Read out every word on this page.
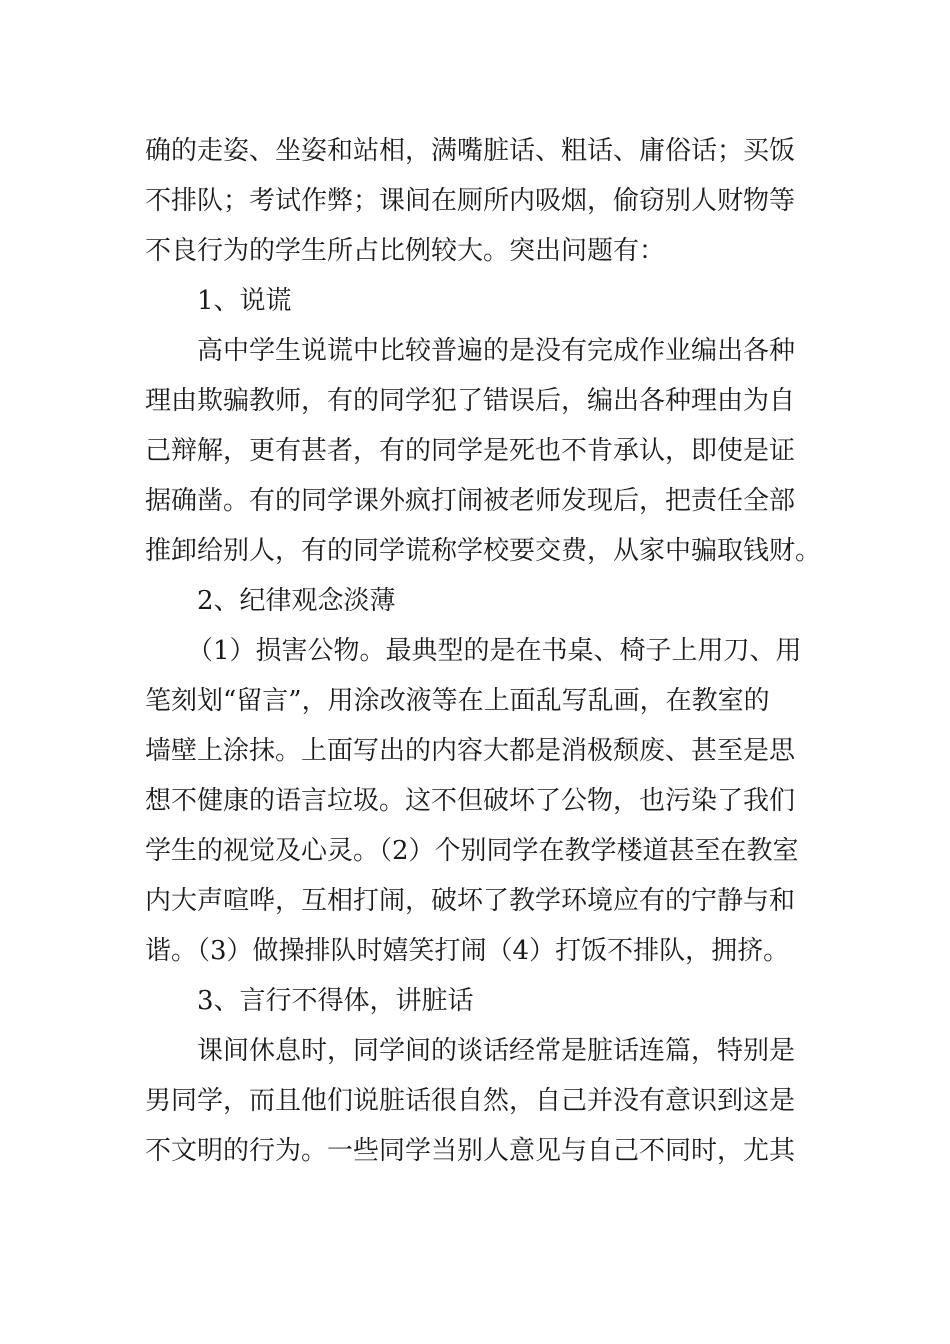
确的走姿、坐姿和站相，满嘴脏话、粗话、庸俗话；买饭
不排队；考试作弊；课间在厕所内吸烟，偷窃别人财物等
不良行为的学生所占比例较大。突出问题有：
1、说谎
高中学生说谎中比较普遍的是没有完成作业编出各种
理由欺骗教师，有的同学犯了错误后，编出各种理由为自
己辩解，更有甚者，有的同学是死也不肯承认，即使是证
据确凿。有的同学课外疯打闹被老师发现后，把责任全部
推卸给别人，有的同学谎称学校要交费，从家中骗取钱财。
2、纪律观念淡薄
（1）损害公物。最典型的是在书桌、椅子上用刀、用
笔刻划“留言”，用涂改液等在上面乱写乱画，在教室的
墙壁上涂抹。上面写出的内容大都是消极颓废、甚至是思
想不健康的语言垃圾。这不但破坏了公物，也污染了我们
学生的视觉及心灵。（2）个别同学在教学楼道甚至在教室
内大声喧哗，互相打闹，破坏了教学环境应有的宁静与和
谐。（3）做操排队时嬉笑打闹（4）打饭不排队，拥挤。
3、言行不得体，讲脏话
课间休息时，同学间的谈话经常是脏话连篇，特别是
男同学，而且他们说脏话很自然，自己并没有意识到这是
不文明的行为。一些同学当别人意见与自己不同时，尤其
